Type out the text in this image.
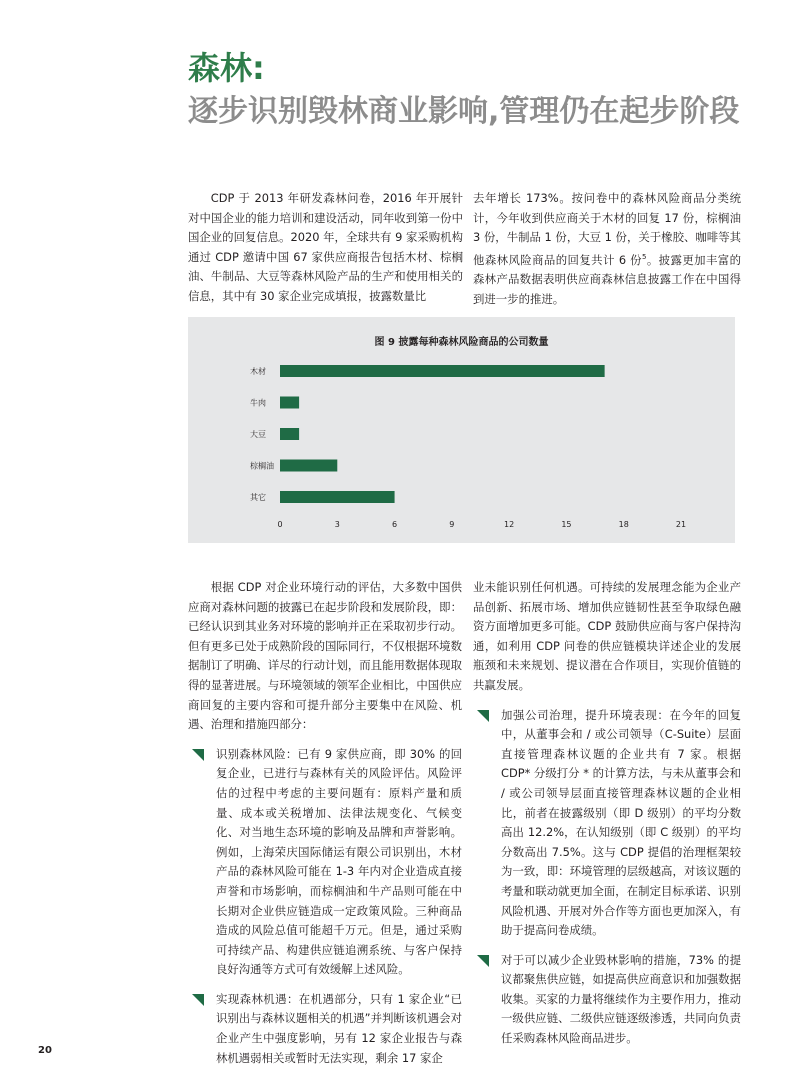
森林:
逐步识别毁林商业影响,管理仍在起步阶段
CDP 于 2013 年研发森林问卷，2016 年开展针对中国企业的能力培训和建设活动，同年收到第一份中国企业的回复信息。2020 年，全球共有 9 家采购机构通过 CDP 邀请中国 67 家供应商报告包括木材、棕榈油、牛制品、大豆等森林风险产品的生产和使用相关的信息，其中有 30 家企业完成填报，披露数量比
去年增长 173%。按问卷中的森林风险商品分类统计，今年收到供应商关于木材的回复 17 份，棕榈油 3 份，牛制品 1 份，大豆 1 份，关于橡胶、咖啡等其他森林风险商品的回复共计 6 份$^5$。披露更加丰富的森林产品数据表明供应商森林信息披露工作在中国得到进一步的推进。
图 9 披露每种森林风险商品的公司数量
木材
牛肉
大豆
棕榈油
其它
0	3	6	9	12	15	18	21

根据 CDP 对企业环境行动的评估，大多数中国供应商对森林问题的披露已在起步阶段和发展阶段，即：已经认识到其业务对环境的影响并正在采取初步行动。但有更多已处于成熟阶段的国际同行，不仅根据环境数据制订了明确、详尽的行动计划，而且能用数据体现取得的显著进展。与环境领域的领军企业相比，中国供应商回复的主要内容和可提升部分主要集中在风险、机遇、治理和措施四部分：

识别森林风险：已有 9 家供应商，即 30% 的回复企业，已进行与森林有关的风险评估。风险评估的过程中考虑的主要问题有：原料产量和质量、成本或关税增加、法律法规变化、气候变化、对当地生态环境的影响及品牌和声誉影响。例如，上海荣庆国际储运有限公司识别出，木材产品的森林风险可能在 1-3 年内对企业造成直接声誉和市场影响，而棕榈油和牛产品则可能在中长期对企业供应链造成一定政策风险。三种商品造成的风险总值可能超千万元。但是，通过采购可持续产品、构建供应链追溯系统、与客户保持良好沟通等方式可有效缓解上述风险。
实现森林机遇：在机遇部分，只有 1 家企业“已识别出与森林议题相关的机遇”并判断该机遇会对企业产生中强度影响，另有 12 家企业报告与森林机遇弱相关或暂时无法实现，剩余 17 家企

业未能识别任何机遇。可持续的发展理念能为企业产品创新、拓展市场、增加供应链韧性甚至争取绿色融资方面增加更多可能。CDP 鼓励供应商与客户保持沟通，如利用 CDP 问卷的供应链模块详述企业的发展瓶颈和未来规划、提议潜在合作项目，实现价值链的共赢发展。

加强公司治理，提升环境表现：在今年的回复中，从董事会和 / 或公司领导（C-Suite）层面直接管理森林议题的企业共有 7 家。根据 CDP* 分级打分 * 的计算方法，与未从董事会和 / 或公司领导层面直接管理森林议题的企业相比，前者在披露级别（即 D 级别）的平均分数高出 12.2%，在认知级别（即 C 级别）的平均分数高出 7.5%。这与 CDP 提倡的治理框架较为一致，即：环境管理的层级越高，对该议题的考量和联动就更加全面，在制定目标承诺、识别风险机遇、开展对外合作等方面也更加深入，有助于提高问卷成绩。
对于可以减少企业毁林影响的措施，73% 的提议都聚焦供应链，如提高供应商意识和加强数据收集。买家的力量将继续作为主要作用力，推动一级供应链、二级供应链逐级渗透，共同向负责任采购森林风险商品进步。
20
